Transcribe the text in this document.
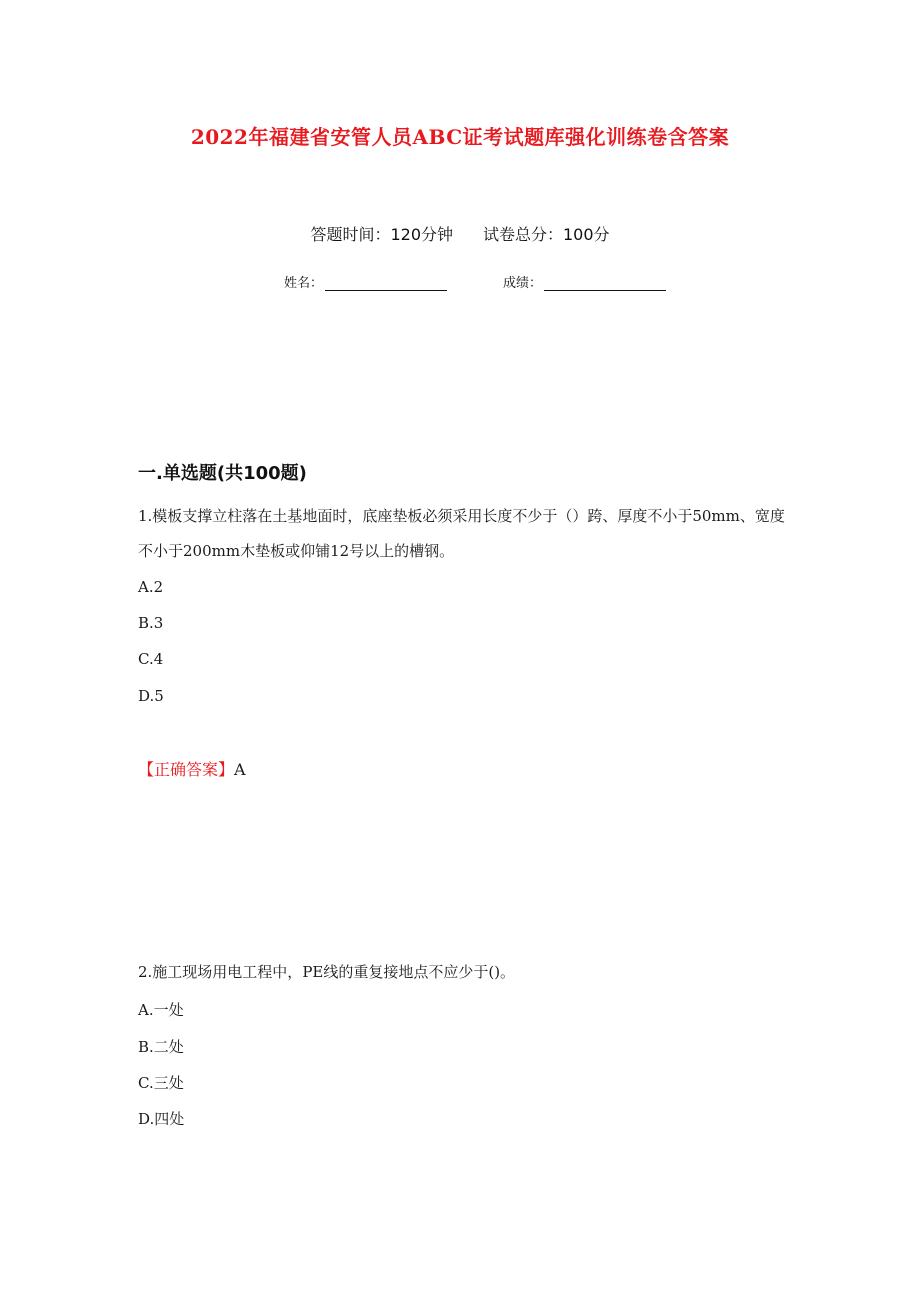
2022年福建省安管人员ABC证考试题库强化训练卷含答案
答题时间：120分钟 试卷总分：100分
姓名：	成绩：
一.单选题(共100题)
1.模板支撑立柱落在土基地面时，底座垫板必须采用长度不少于（）跨、厚度不小于50mm、宽度不小于200mm木垫板或仰铺12号以上的槽钢。
A.2
B.3
C.4
D.5
【正确答案】A
2.施工现场用电工程中，PE线的重复接地点不应少于()。
A.一处
B.二处
C.三处
D.四处
